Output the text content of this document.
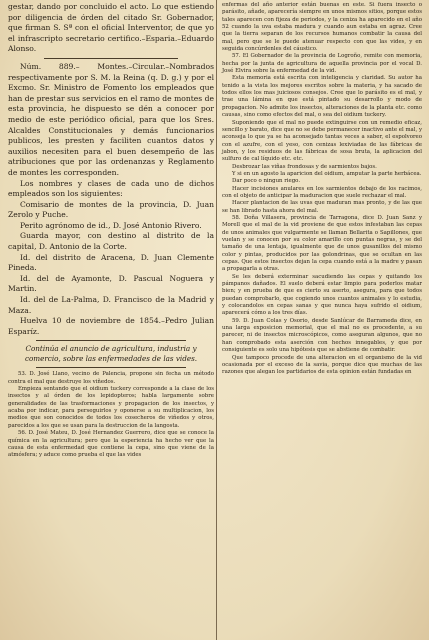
gestar, dando por concluido el acto. Lo que estiendo por diligencia de órden del citado Sr. Gobernador, que firman S. Sª con el oficial Interventor, de que yo el infrascripto secretario certifico.–Esparia.–Eduardo Alonso.

Núm. 889.– Montes.–Circular.–Nombrados respectivamente por S. M. la Reina (q. D. g.) y por el Excmo. Sr. Ministro de Fomento los empleados que han de prestar sus servicios en el ramo de montes de esta provincia, he dispuesto se dén a conocer por medio de este periódico oficial, para que los Sres. Alcaldes Constitucionales y demás funcionarios publicos, les presten y faciliten cuantos datos y auxilios necesiten para el buen desempeño de las atribuciones que por las ordenanzas y Reglamento de montes les corresponden.

Los nombres y clases de cada uno de dichos empleados son los siguientes:

Comisario de montes de la provincia, D. Juan Zerolo y Puche.

Perito agrónomo de id., D. José Antonio Rivero.

Guarda mayor, con destino al distrito de la capital, D. Antonio de la Corte.

Id. del distrito de Aracena, D. Juan Clemente Pineda.

Id. del de Ayamonte, D. Pascual Noguera y Martin.

Id. del de La-Palma, D. Francisco de la Madrid y Maza.

Huelva 10 de noviembre de 1854.–Pedro Julian Esparíz.

Continúa el anuncio de agricultura, industria y comercio, sobre las enfermedades de las vides.

53. D. José Llano, vecino de Palencia, propone sin fecha un método contra el mal que destruye los viñedos.

Empieza sentando que el oidium tuckery corresponde a la clase de los insectos y al órden de los lepidopteros; habla largamente sobre generalidades de las trasformaciones y propagacion de los insectos, y acaba por indicar, para perseguirlos y oponerse a su multiplicacion, los medios que son conocidos de todos los cosecheros de viñedos y otros, parecidos a los que se usan para la destruccion de la langosta.

56. D. José Mateu, D. José Hernandez Guerrero, dice que se conoce la química en la agricultura; pero que la esperiencia ha hecho ver que la causa de esta enfermedad que contiene la cepa, sino que viene de la atmósfera; y aduce como prueba el que las vides

enfermas del año anterior están buenas en este. Si fuera insecto o parásito, añade, aparecería siempre en unos mismos sitios, porque estos tales aparecen con fijeza de periodos, y la ceniza ha aparecido en el año 52 cuando la uva estaba madura y cuando aun estaba en agraz. Cree que la tierra separan de los recursos humanos combatir la causa del mal, pero que se le puede atenuar respecto con que las vides, y en seguida concúrdenles del cáustico.

57. El Gobernador de la provincia de Logroño, remite con memoria, hecha por la junta de agricultura de aquella provincia por el vocal D. José Elvira sobre la enfermedad de la vid.

Esta memoria está escrita con inteligencia y claridad. Su autor ha tenido a la vista los mejores escritos sobre la materia, y ha sacado de todos ellos los mas juiciosos consejos. Cree que lo parásito es el mal, y trae una lámina en que está pintado su desarrollo y modo de propagacion. No admite los insectos, alteraciones de la planta etc. como causas, sino como efectos del mal, o sea del oidium tuckery.

Suponiendo que el mal no puede extinguirse con un remedio eficaz, sencillo y barato, dice que no se debe permanecer inactivo ante el mal, y aconseja lo que ya se ha aconsejado tantas veces a saber, el espolvoreo con el azufre, con el yeso, con cenizas lexiviadas de las fábricas de jabon, y los residuos de las fábricas de sosa bruta, la aplicacion del sulfuro de cal líquido etc. etc.

Desbrozar las viñas frondosas y de sarmientos bajos.

Y si en un agosto la aparicion del oidium, amputar la parte herbácea.

Dar poco o ningun riego.

Hacer incisiones anulares en los sarmientos debajo de los racimos, con el objeto de anticipar la maduracion que suele rechazar el mal.

Hacer plantacion de las uvas que maduran mas pronto, y de las que se han librado hasta ahora del mal.

58. Doña Villasera, provincia de Tarragona, dice D. Juan Sanz y Morell que el mal de la vid proviene de que estos infestaban las cepas de unos animales que vulgarmente se llaman Bellarita o Sapillones, que vuelan y se conocen por su color amarillo con puntas negras, y se del tamaño de una lentaja, igualmente que de unos gusanillos del mismo color y pintas, producidos por las golondrinas, que se ocultan en las cepas. Que estos insectos dejan la cepa cuando está a la madre y pasan a propagarla a otras.

Se les deberá exterminar sacudiendo las cepas y quitando los pámpanos dañados. El suelo deberá estar limpio para poderlos matar bien; y en prueba de que es cierto su aserto, asegura, para que todos puedan comprobarlo, que cogiendo unos cuantos animales y lo estudia, y colocandolos en cepas sanas y que nunca haya sufrido el oidium, aparecerá cómo a los tres días.

59. D. Juan Colas y Osorio, desde Sanlúcar de Barrameda dice, en una larga exposicion memorial, que el mal no es procedente, a su parecer, ni de insectos microscópicos, como aseguran algunos, que no han comprobado esta aserción con hechos innegables, y que por consiguiente es solo una hipótesis que se abstiene de combatir.

Que tampoco procede de una alteracion en el organismo de la vid ocasionada por el exceso de la savia, porque dice que muchas de las razones que alegan los partidarios de esta opinion están fundadas en
